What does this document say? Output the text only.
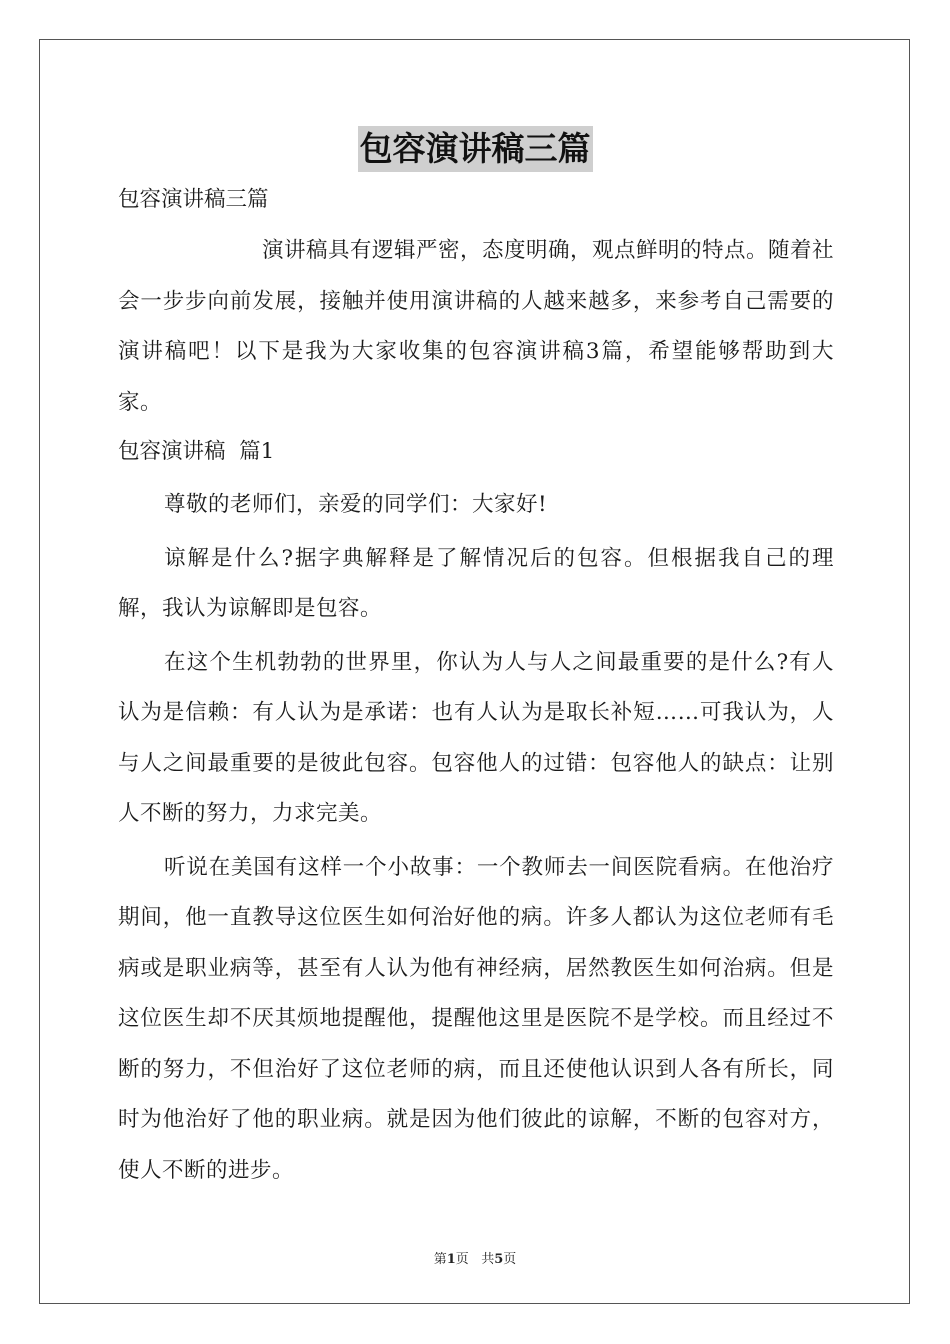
包容演讲稿三篇

包容演讲稿三篇

演讲稿具有逻辑严密，态度明确，观点鲜明的特点。随着社会一步步向前发展，接触并使用演讲稿的人越来越多，来参考自己需要的演讲稿吧！以下是我为大家收集的包容演讲稿3篇，希望能够帮助到大家。

包容演讲稿  篇1

尊敬的老师们，亲爱的同学们：大家好!

谅解是什么?据字典解释是了解情况后的包容。但根据我自己的理解，我认为谅解即是包容。

在这个生机勃勃的世界里，你认为人与人之间最重要的是什么?有人认为是信赖：有人认为是承诺：也有人认为是取长补短……可我认为，人与人之间最重要的是彼此包容。包容他人的过错：包容他人的缺点：让别人不断的努力，力求完美。

听说在美国有这样一个小故事：一个教师去一间医院看病。在他治疗期间，他一直教导这位医生如何治好他的病。许多人都认为这位老师有毛病或是职业病等，甚至有人认为他有神经病，居然教医生如何治病。但是这位医生却不厌其烦地提醒他，提醒他这里是医院不是学校。而且经过不断的努力，不但治好了这位老师的病，而且还使他认识到人各有所长，同时为他治好了他的职业病。就是因为他们彼此的谅解，不断的包容对方，使人不断的进步。

第1页 共5页
